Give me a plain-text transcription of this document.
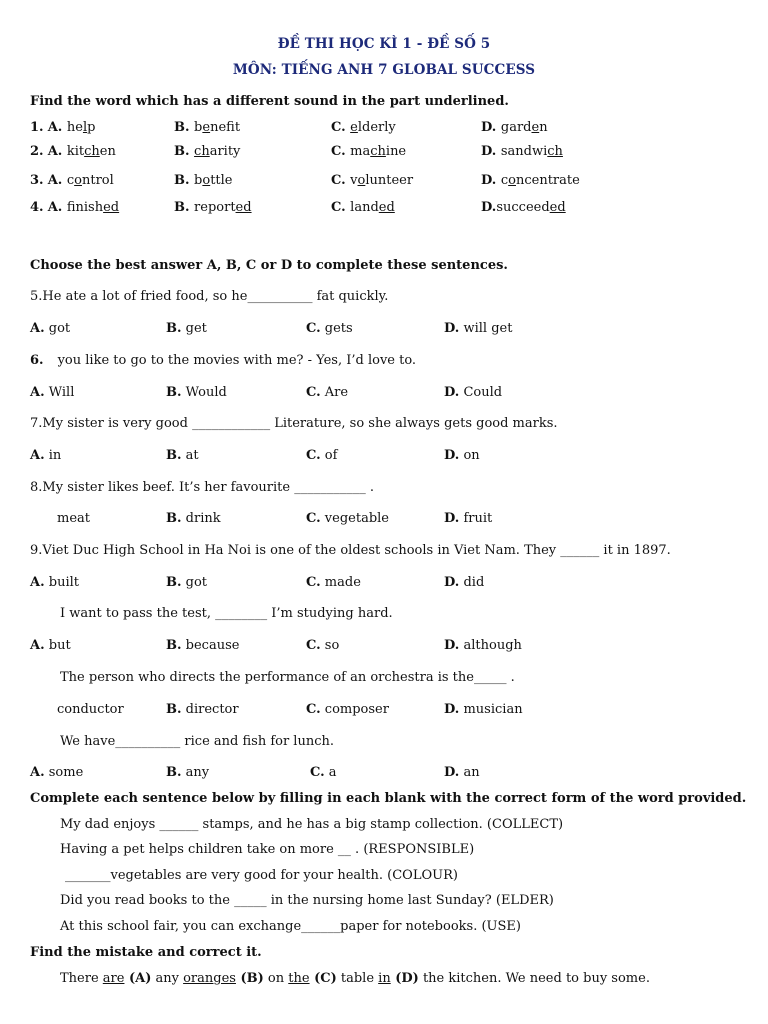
ĐỀ THI HỌC KÌ 1 - ĐỀ SỐ 5
MÔN: TIẾNG ANH 7 GLOBAL SUCCESS
Find the word which has a different sound in the part underlined.
1. A. help	B. benefit	C. elderly	D. garden
2. A. kitchen	B. charity	C. machine	D. sandwich
3. A. control	B. bottle	C. volunteer	D. concentrate
4. A. finished	B. reported	C. landed	D.succeeded
Choose the best answer A, B, C or D to complete these sentences.
5.He ate a lot of fried food, so he__________ fat quickly.
A. got	B. get	C. gets	D. will get
6. you like to go to the movies with me? - Yes, I’d love to.
A. Will	B. Would	C. Are	D. Could
7.My sister is very good ____________ Literature, so she always gets good marks.
A. in	B. at	C. of	D. on
8.My sister likes beef. It’s her favourite ___________ .
meat	B. drink	C. vegetable	D. fruit
9.Viet Duc High School in Ha Noi is one of the oldest schools in Viet Nam. They ______ it in 1897.
A. built	B. got	C. made	D. did
I want to pass the test, ________ I’m studying hard.
A. but	B. because	C. so	D. although
The person who directs the performance of an orchestra is the_____ .
conductor	B. director	C. composer	D. musician
We have__________ rice and fish for lunch.
A. some	B. any	C. a	D. an
Complete each sentence below by filling in each blank with the correct form of the word provided.
My dad enjoys ______ stamps, and he has a big stamp collection. (COLLECT)
Having a pet helps children take on more __ . (RESPONSIBLE)
_______vegetables are very good for your health. (COLOUR)
Did you read books to the _____ in the nursing home last Sunday? (ELDER)
At this school fair, you can exchange______paper for notebooks. (USE)
Find the mistake and correct it.
There are (A) any oranges (B) on the (C) table in (D) the kitchen. We need to buy some.
